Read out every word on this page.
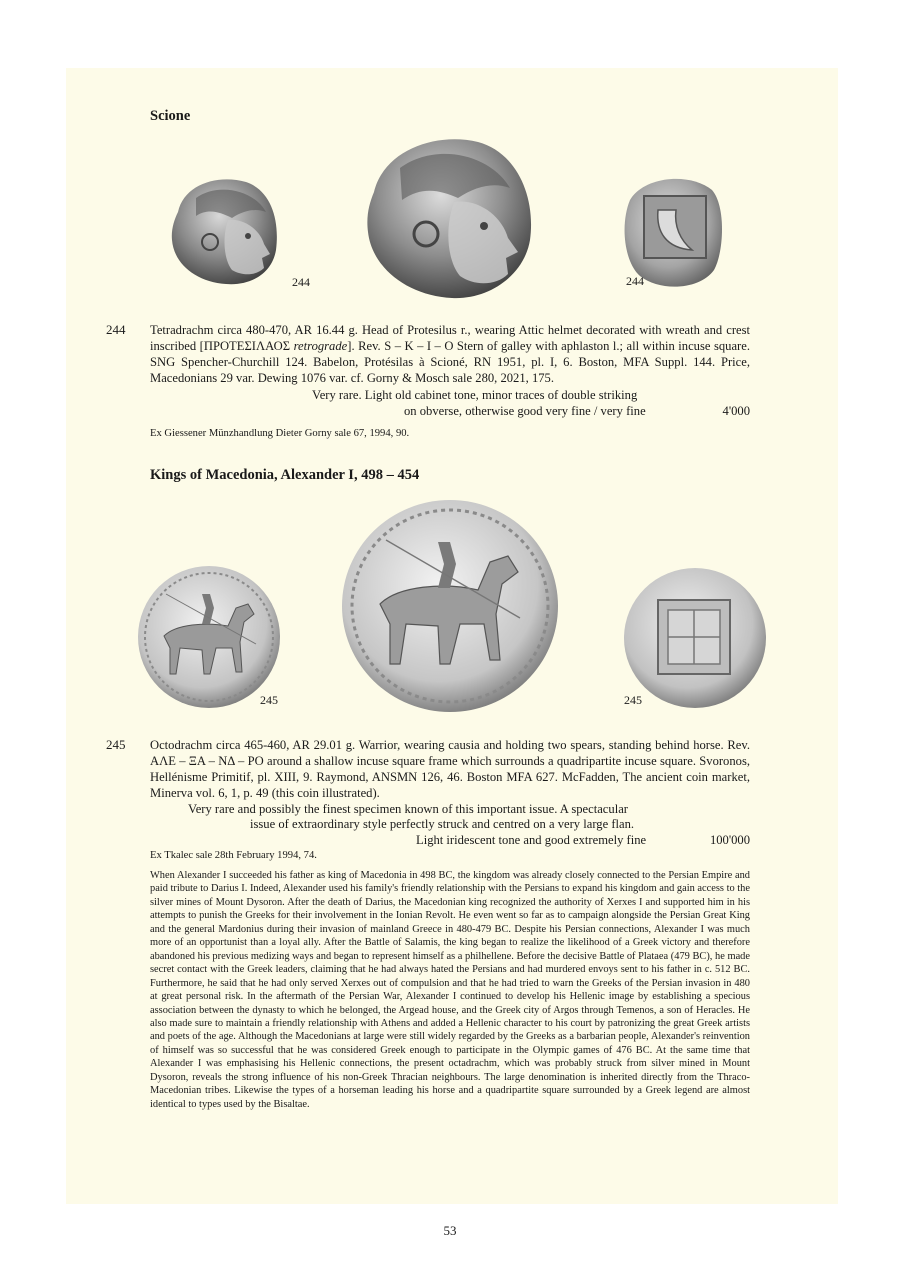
Scione
244	244
244 Tetradrachm circa 480-470, AR 16.44 g. Head of Protesilus r., wearing Attic helmet decorated with wreath and crest inscribed [ΠΡΟΤΕΣΙΛΑΟΣ retrograde]. Rev. S – K – I – O Stern of galley with aphlaston l.; all within incuse square. SNG Spencher-Churchill 124. Babelon, Protésilas à Scioné, RN 1951, pl. I, 6. Boston, MFA Suppl. 144. Price, Macedonians 29 var. Dewing 1076 var. cf. Gorny & Mosch sale 280, 2021, 175.
Very rare. Light old cabinet tone, minor traces of double striking
on obverse, otherwise good very fine / very fine	4'000
Ex Giessener Münzhandlung Dieter Gorny sale 67, 1994, 90.
Kings of Macedonia, Alexander I, 498 – 454
245	245
245 Octodrachm circa 465-460, AR 29.01 g. Warrior, wearing causia and holding two spears, standing behind horse. Rev. ΑΛΕ – ΞΑ – ΝΔ – ΡΟ around a shallow incuse square frame which surrounds a quadripartite incuse square. Svoronos, Hellénisme Primitif, pl. XIII, 9. Raymond, ANSMN 126, 46. Boston MFA 627. McFadden, The ancient coin market, Minerva vol. 6, 1, p. 49 (this coin illustrated).
Very rare and possibly the finest specimen known of this important issue. A spectacular
issue of extraordinary style perfectly struck and centred on a very large flan.
Light iridescent tone and good extremely fine	100'000
Ex Tkalec sale 28th February 1994, 74.
When Alexander I succeeded his father as king of Macedonia in 498 BC, the kingdom was already closely connected to the Persian Empire and paid tribute to Darius I. Indeed, Alexander used his family's friendly relationship with the Persians to expand his kingdom and gain access to the silver mines of Mount Dysoron. After the death of Darius, the Macedonian king recognized the authority of Xerxes I and supported him in his attempts to punish the Greeks for their involvement in the Ionian Revolt. He even went so far as to campaign alongside the Persian Great King and the general Mardonius during their invasion of mainland Greece in 480-479 BC. Despite his Persian connections, Alexander I was much more of an opportunist than a loyal ally. After the Battle of Salamis, the king began to realize the likelihood of a Greek victory and therefore abandoned his previous medizing ways and began to represent himself as a philhellene. Before the decisive Battle of Plataea (479 BC), he made secret contact with the Greek leaders, claiming that he had always hated the Persians and had murdered envoys sent to his father in c. 512 BC. Furthermore, he said that he had only served Xerxes out of compulsion and that he had tried to warn the Greeks of the Persian invasion in 480 at great personal risk. In the aftermath of the Persian War, Alexander I continued to develop his Hellenic image by establishing a specious association between the dynasty to which he belonged, the Argead house, and the Greek city of Argos through Temenos, a son of Heracles. He also made sure to maintain a friendly relationship with Athens and added a Hellenic character to his court by patronizing the great Greek artists and poets of the age. Although the Macedonians at large were still widely regarded by the Greeks as a barbarian people, Alexander's reinvention of himself was so successful that he was considered Greek enough to participate in the Olympic games of 476 BC. At the same time that Alexander I was emphasising his Hellenic connections, the present octadrachm, which was probably struck from silver mined in Mount Dysoron, reveals the strong influence of his non-Greek Thracian neighbours. The large denomination is inherited directly from the Thraco-Macedonian tribes. Likewise the types of a horseman leading his horse and a quadripartite square surrounded by a Greek legend are almost identical to types used by the Bisaltae.
53
